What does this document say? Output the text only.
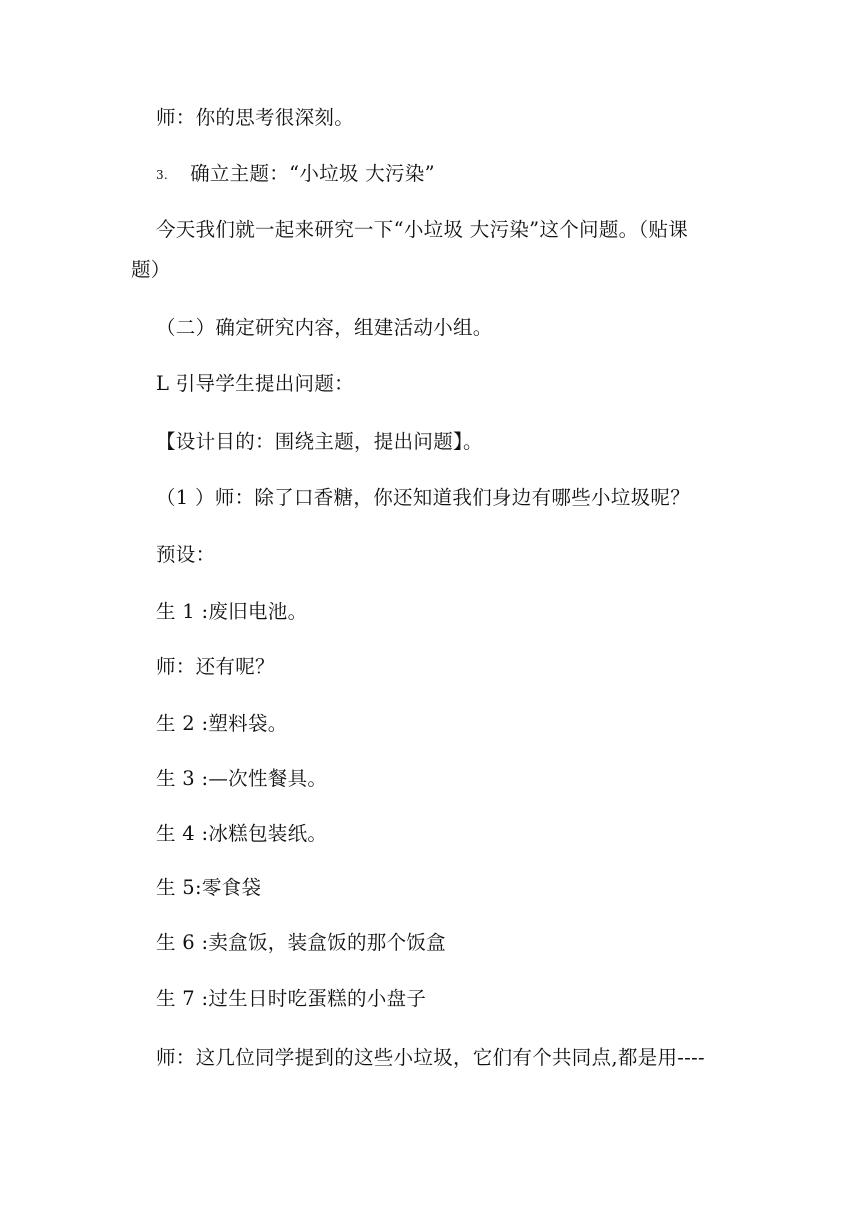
师：你的思考很深刻。
3. 确立主题：“小垃圾 大污染”
今天我们就一起来研究一下“小垃圾 大污染”这个问题。（贴课
题）
（二）确定研究内容，组建活动小组。
L 引导学生提出问题：
【设计目的：围绕主题，提出问题】。
（1 ）师：除了口香糖，你还知道我们身边有哪些小垃圾呢？
预设：
生 1 :废旧电池。
师：还有呢？
生 2 :塑料袋。
生 3 :—次性餐具。
生 4 :冰糕包装纸。
生 5:零食袋
生 6 :卖盒饭，装盒饭的那个饭盒
生 7 :过生日时吃蛋糕的小盘子
师：这几位同学提到的这些小垃圾，它们有个共同点,都是用----
